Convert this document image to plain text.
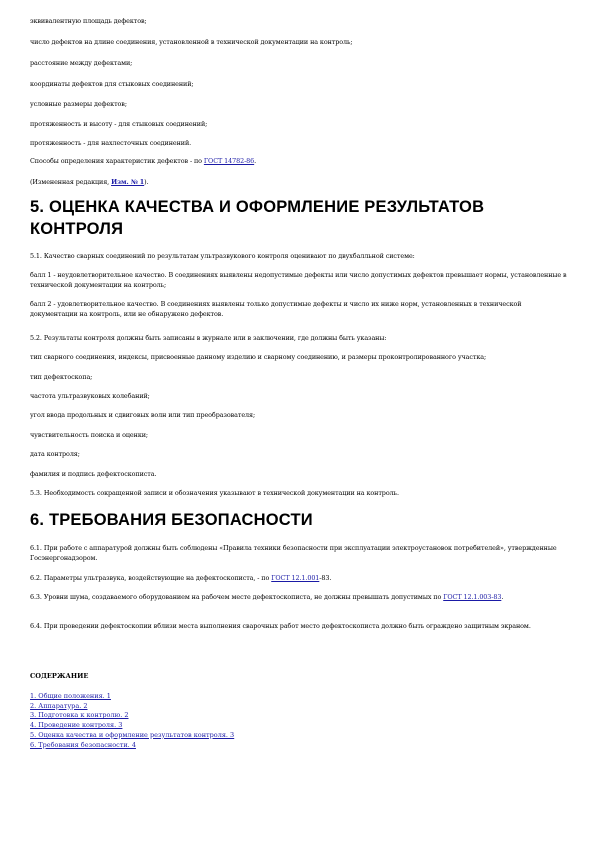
эквивалентную площадь дефектов;
число дефектов на длине соединения, установленной в технической документации на контроль;
расстояние между дефектами;
координаты дефектов для стыковых соединений;
условные размеры дефектов;
протяженность и высоту - для стыковых соединений;
протяженность - для нахлесточных соединений.
Способы определения характеристик дефектов - по ГОСТ 14782-86.
(Измененная редакция, Изм. № 1).
5. ОЦЕНКА КАЧЕСТВА И ОФОРМЛЕНИЕ РЕЗУЛЬТАТОВ КОНТРОЛЯ
5.1. Качество сварных соединений по результатам ультразвукового контроля оценивают по двухбалльной системе:
балл 1 - неудовлетворительное качество. В соединениях выявлены недопустимые дефекты или число допустимых дефектов превышает нормы, установленные в технической документации на контроль;
балл 2 - удовлетворительное качество. В соединениях выявлены только допустимые дефекты и число их ниже норм, установленных в технической документации на контроль, или не обнаружено дефектов.
5.2. Результаты контроля должны быть записаны в журнале или в заключении, где должны быть указаны:
тип сварного соединения, индексы, присвоенные данному изделию и сварному соединению, и размеры проконтролированного участка;
тип дефектоскопа;
частота ультразвуковых колебаний;
угол ввода продольных и сдвиговых волн или тип преобразователя;
чувствительность поиска и оценки;
дата контроля;
фамилия и подпись дефектоскописта.
5.3. Необходимость сокращенной записи и обозначения указывают в технической документации на контроль.
6. ТРЕБОВАНИЯ БЕЗОПАСНОСТИ
6.1. При работе с аппаратурой должны быть соблюдены «Правила техники безопасности при эксплуатации электроустановок потребителей», утвержденные Госэнергонадзором.
6.2. Параметры ультразвука, воздействующие на дефектоскописта, - по ГОСТ 12.1.001-83.
6.3. Уровни шума, создаваемого оборудованием на рабочем месте дефектоскописта, не должны превышать допустимых по ГОСТ 12.1.003-83.
6.4. При проведении дефектоскопии вблизи места выполнения сварочных работ место дефектоскописта должно быть ограждено защитным экраном.
СОДЕРЖАНИЕ
1. Общие положения. 1
2. Аппаратура. 2
3. Подготовка к контролю. 2
4. Проведение контроля. 3
5. Оценка качества и оформление результатов контроля. 3
6. Требования безопасности. 4
